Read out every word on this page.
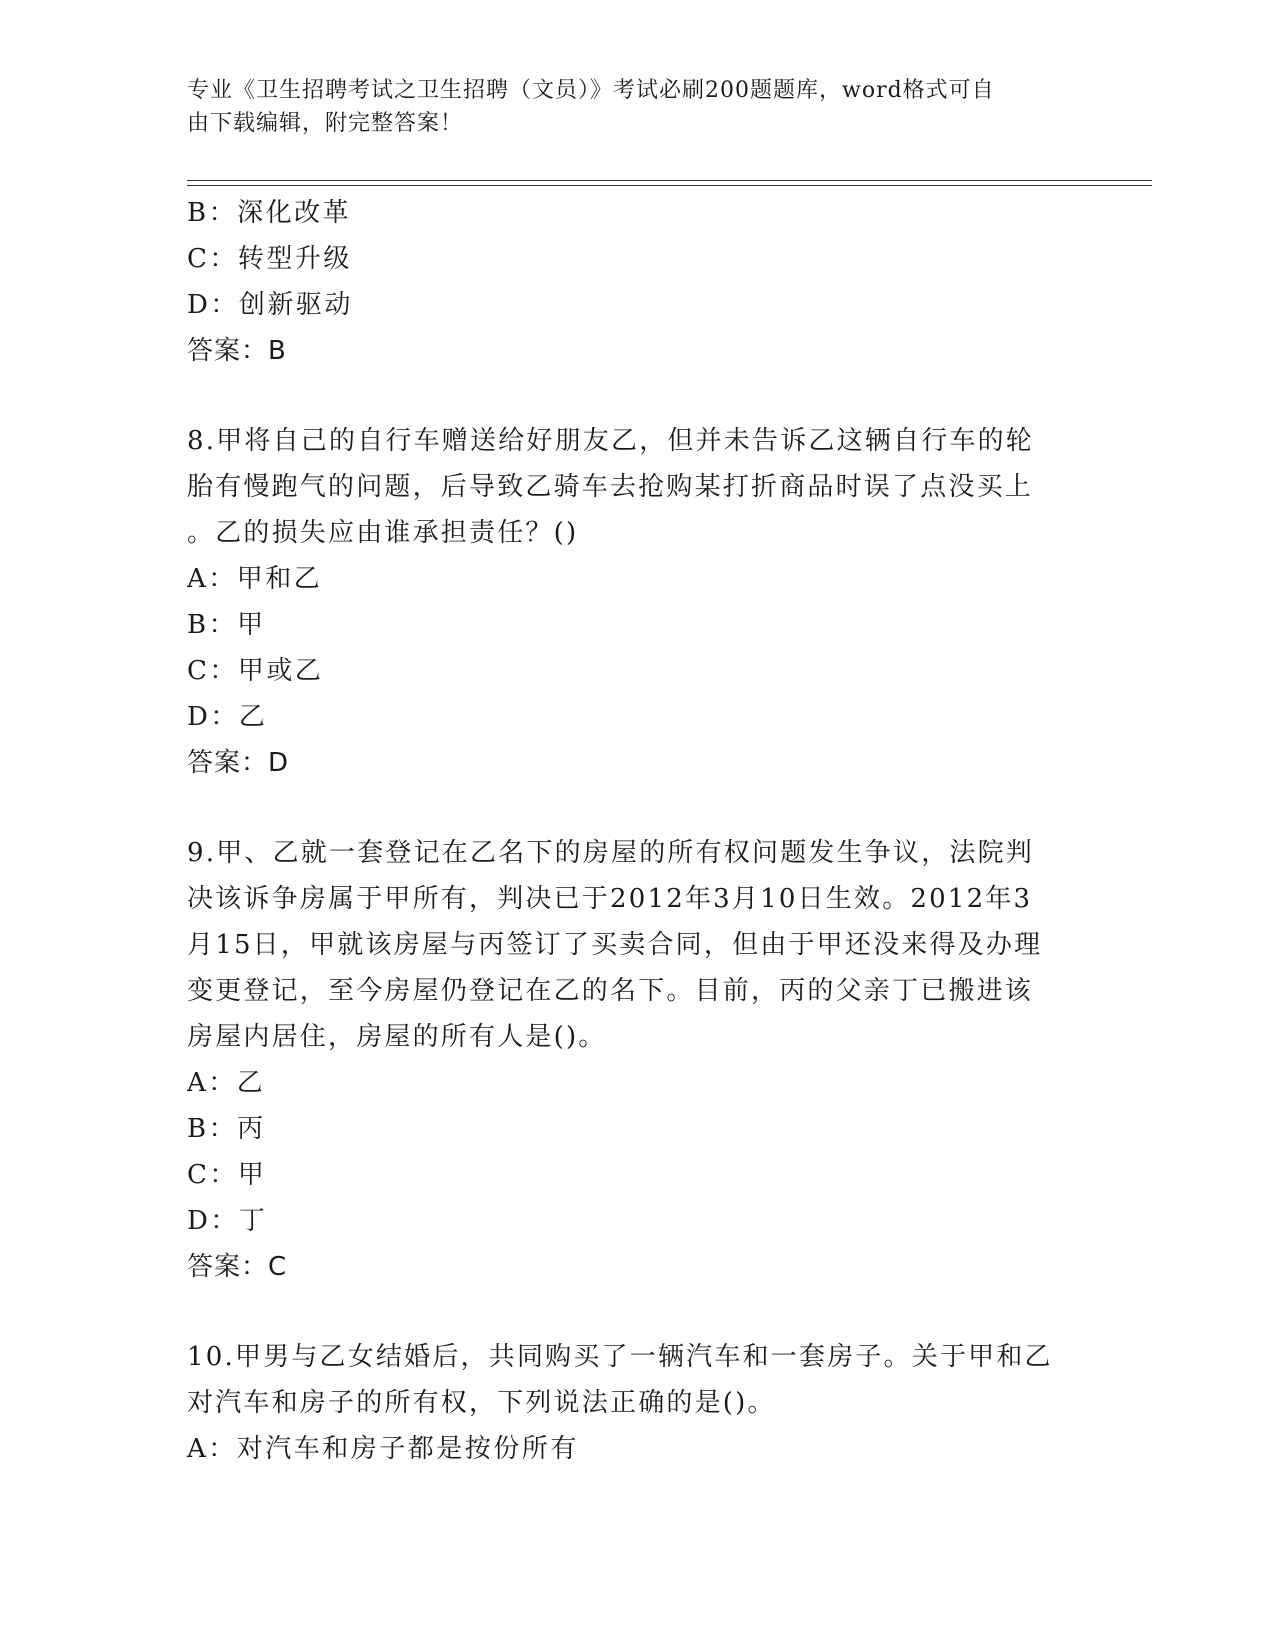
专业《卫生招聘考试之卫生招聘（文员）》考试必刷200题题库，word格式可自
由下载编辑，附完整答案！
B：深化改革
C：转型升级
D：创新驱动
答案：B
8.甲将自己的自行车赠送给好朋友乙，但并未告诉乙这辆自行车的轮
胎有慢跑气的问题，后导致乙骑车去抢购某打折商品时误了点没买上
。乙的损失应由谁承担责任？()
A：甲和乙
B：甲
C：甲或乙
D：乙
答案：D
9.甲、乙就一套登记在乙名下的房屋的所有权问题发生争议，法院判
决该诉争房属于甲所有，判决已于2012年3月10日生效。2012年3
月15日，甲就该房屋与丙签订了买卖合同，但由于甲还没来得及办理
变更登记，至今房屋仍登记在乙的名下。目前，丙的父亲丁已搬进该
房屋内居住，房屋的所有人是()。
A：乙
B：丙
C：甲
D：丁
答案：C
10.甲男与乙女结婚后，共同购买了一辆汽车和一套房子。关于甲和乙
对汽车和房子的所有权，下列说法正确的是()。
A：对汽车和房子都是按份所有
